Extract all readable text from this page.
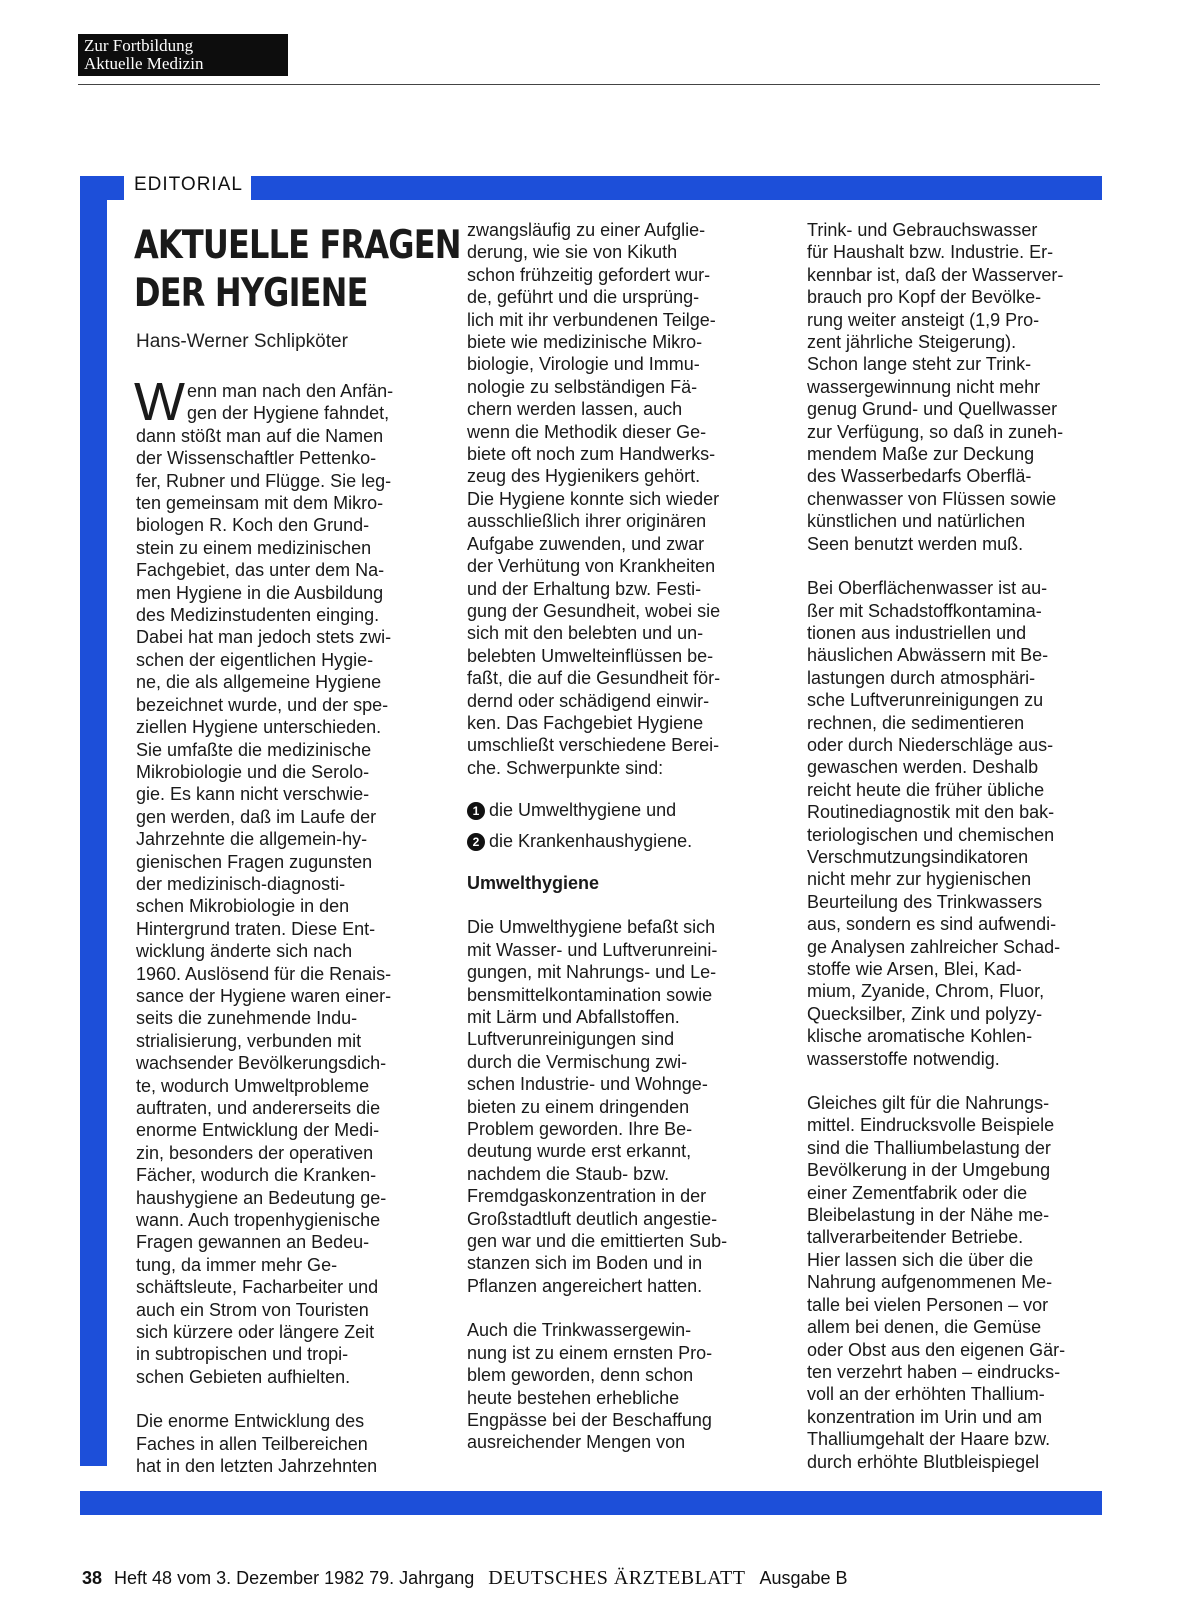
Zur Fortbildung
Aktuelle Medizin
EDITORIAL
AKTUELLE FRAGEN
DER HYGIENE
Hans-Werner Schlipköter
W enn man nach den Anfän-
gen der Hygiene fahndet,
dann stößt man auf die Namen
der Wissenschaftler Pettenko-
fer, Rubner und Flügge. Sie leg-
ten gemeinsam mit dem Mikro-
biologen R. Koch den Grund-
stein zu einem medizinischen
Fachgebiet, das unter dem Na-
men Hygiene in die Ausbildung
des Medizinstudenten einging.
Dabei hat man jedoch stets zwi-
schen der eigentlichen Hygie-
ne, die als allgemeine Hygiene
bezeichnet wurde, und der spe-
ziellen Hygiene unterschieden.
Sie umfaßte die medizinische
Mikrobiologie und die Serolo-
gie. Es kann nicht verschwie-
gen werden, daß im Laufe der
Jahrzehnte die allgemein-hy-
gienischen Fragen zugunsten
der medizinisch-diagnosti-
schen Mikrobiologie in den
Hintergrund traten. Diese Ent-
wicklung änderte sich nach
1960. Auslösend für die Renais-
sance der Hygiene waren einer-
seits die zunehmende Indu-
strialisierung, verbunden mit
wachsender Bevölkerungsdich-
te, wodurch Umweltprobleme
auftraten, und andererseits die
enorme Entwicklung der Medi-
zin, besonders der operativen
Fächer, wodurch die Kranken-
haushygiene an Bedeutung ge-
wann. Auch tropenhygienische
Fragen gewannen an Bedeu-
tung, da immer mehr Ge-
schäftsleute, Facharbeiter und
auch ein Strom von Touristen
sich kürzere oder längere Zeit
in subtropischen und tropi-
schen Gebieten aufhielten.
Die enorme Entwicklung des
Faches in allen Teilbereichen
hat in den letzten Jahrzehnten
zwangsläufig zu einer Aufglie-
derung, wie sie von Kikuth
schon frühzeitig gefordert wur-
de, geführt und die ursprüng-
lich mit ihr verbundenen Teilge-
biete wie medizinische Mikro-
biologie, Virologie und Immu-
nologie zu selbständigen Fä-
chern werden lassen, auch
wenn die Methodik dieser Ge-
biete oft noch zum Handwerks-
zeug des Hygienikers gehört.
Die Hygiene konnte sich wieder
ausschließlich ihrer originären
Aufgabe zuwenden, und zwar
der Verhütung von Krankheiten
und der Erhaltung bzw. Festi-
gung der Gesundheit, wobei sie
sich mit den belebten und un-
belebten Umwelteinflüssen be-
faßt, die auf die Gesundheit för-
dernd oder schädigend einwir-
ken. Das Fachgebiet Hygiene
umschließt verschiedene Berei-
che. Schwerpunkte sind:
1 die Umwelthygiene und
2 die Krankenhaushygiene.
Umwelthygiene
Die Umwelthygiene befaßt sich
mit Wasser- und Luftverunreini-
gungen, mit Nahrungs- und Le-
bensmittelkontamination sowie
mit Lärm und Abfallstoffen.
Luftverunreinigungen sind
durch die Vermischung zwi-
schen Industrie- und Wohnge-
bieten zu einem dringenden
Problem geworden. Ihre Be-
deutung wurde erst erkannt,
nachdem die Staub- bzw.
Fremdgaskonzentration in der
Großstadtluft deutlich angestie-
gen war und die emittierten Sub-
stanzen sich im Boden und in
Pflanzen angereichert hatten.
Auch die Trinkwassergewin-
nung ist zu einem ernsten Pro-
blem geworden, denn schon
heute bestehen erhebliche
Engpässe bei der Beschaffung
ausreichender Mengen von
Trink- und Gebrauchswasser
für Haushalt bzw. Industrie. Er-
kennbar ist, daß der Wasserver-
brauch pro Kopf der Bevölke-
rung weiter ansteigt (1,9 Pro-
zent jährliche Steigerung).
Schon lange steht zur Trink-
wassergewinnung nicht mehr
genug Grund- und Quellwasser
zur Verfügung, so daß in zuneh-
mendem Maße zur Deckung
des Wasserbedarfs Oberflä-
chenwasser von Flüssen sowie
künstlichen und natürlichen
Seen benutzt werden muß.
Bei Oberflächenwasser ist au-
ßer mit Schadstoffkontamina-
tionen aus industriellen und
häuslichen Abwässern mit Be-
lastungen durch atmosphäri-
sche Luftverunreinigungen zu
rechnen, die sedimentieren
oder durch Niederschläge aus-
gewaschen werden. Deshalb
reicht heute die früher übliche
Routinediagnostik mit den bak-
teriologischen und chemischen
Verschmutzungsindikatoren
nicht mehr zur hygienischen
Beurteilung des Trinkwassers
aus, sondern es sind aufwendi-
ge Analysen zahlreicher Schad-
stoffe wie Arsen, Blei, Kad-
mium, Zyanide, Chrom, Fluor,
Quecksilber, Zink und polyzy-
klische aromatische Kohlen-
wasserstoffe notwendig.
Gleiches gilt für die Nahrungs-
mittel. Eindrucksvolle Beispiele
sind die Thalliumbelastung der
Bevölkerung in der Umgebung
einer Zementfabrik oder die
Bleibelastung in der Nähe me-
tallverarbeitender Betriebe.
Hier lassen sich die über die
Nahrung aufgenommenen Me-
talle bei vielen Personen – vor
allem bei denen, die Gemüse
oder Obst aus den eigenen Gär-
ten verzehrt haben – eindrucks-
voll an der erhöhten Thallium-
konzentration im Urin und am
Thalliumgehalt der Haare bzw.
durch erhöhte Blutbleispiegel
38 Heft 48 vom 3. Dezember 1982 79. Jahrgang DEUTSCHES ÄRZTEBLATT Ausgabe B
